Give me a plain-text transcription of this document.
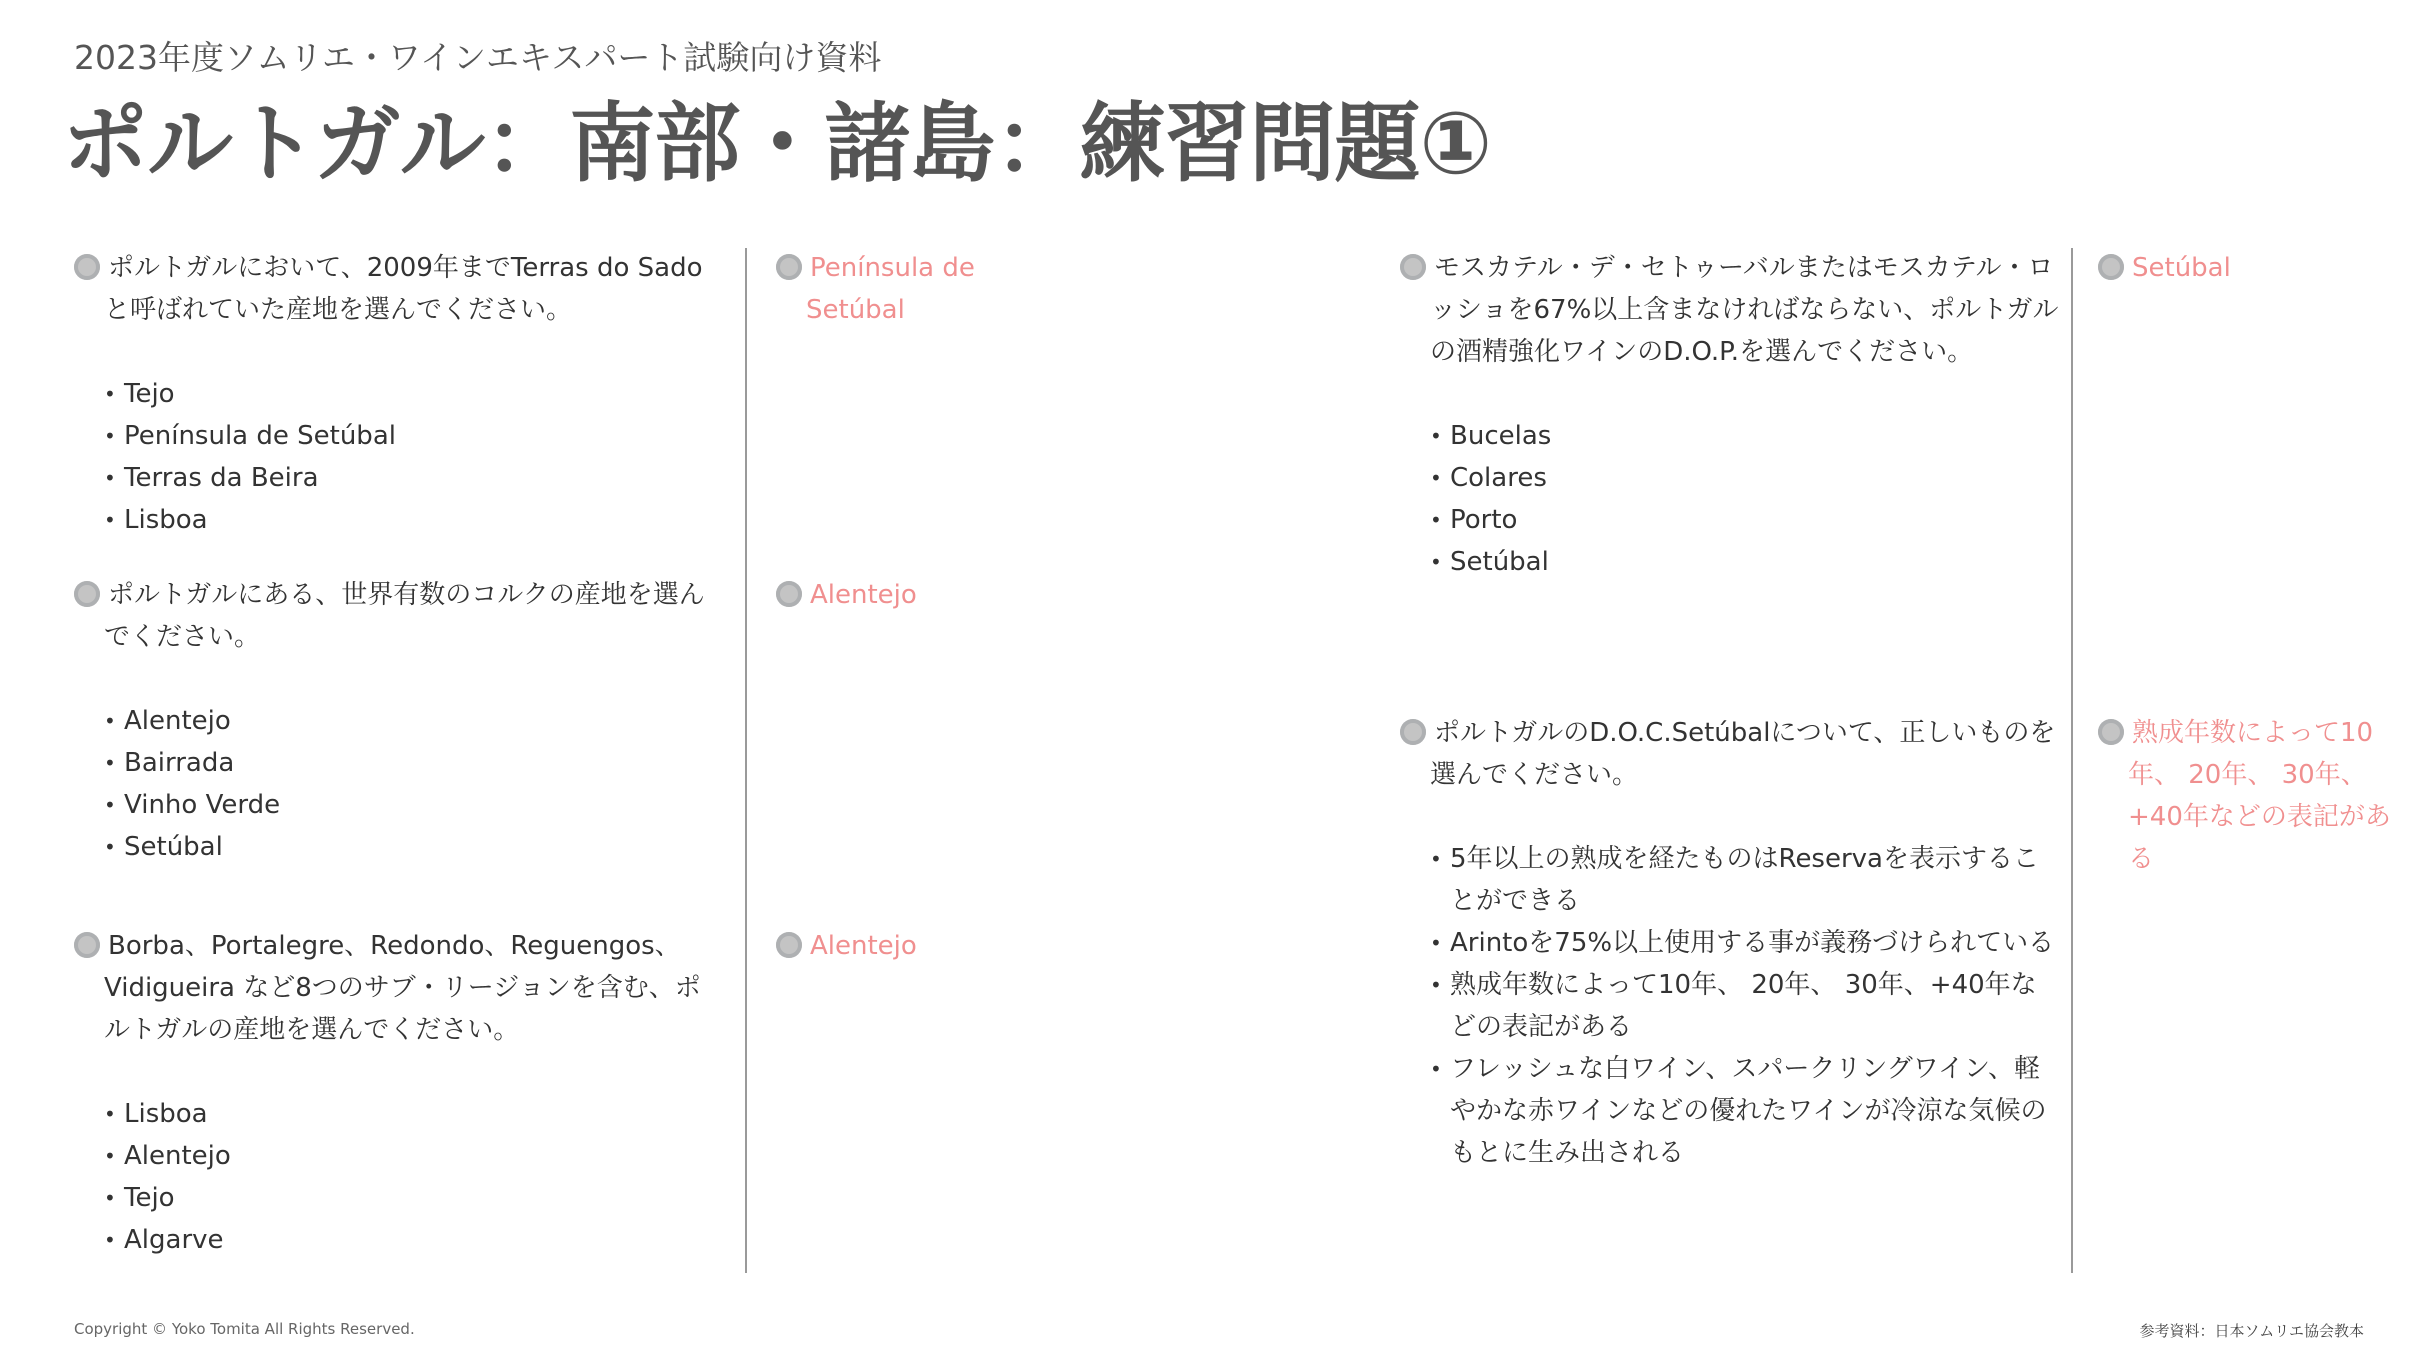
2023年度ソムリエ・ワインエキスパート試験向け資料
ポルトガル：南部・諸島：練習問題①
ポルトガルにおいて、2009年までTerras do Sadoと呼ばれていた産地を選んでください。
• Tejo
• Península de Setúbal
• Terras da Beira
• Lisboa
Península de Setúbal
ポルトガルにある、世界有数のコルクの産地を選んでください。
• Alentejo
• Bairrada
• Vinho Verde
• Setúbal
Alentejo
Borba、Portalegre、Redondo、Reguengos、Vidigueira など8つのサブ・リージョンを含む、ポルトガルの産地を選んでください。
• Lisboa
• Alentejo
• Tejo
• Algarve
Alentejo
モスカテル・デ・セトゥーバルまたはモスカテル・ロッショを67%以上含まなければならない、ポルトガルの酒精強化ワインのD.O.P.を選んでください。
• Bucelas
• Colares
• Porto
• Setúbal
Setúbal
ポルトガルのD.O.C.Setúbalについて、正しいものを選んでください。
• 5年以上の熟成を経たものはReservaを表示することができる
• Arintoを75%以上使用する事が義務づけられている
• 熟成年数によって10年、 20年、 30年、+40年などの表記がある
• フレッシュな白ワイン、スパークリングワイン、軽やかな赤ワインなどの優れたワインが冷涼な気候のもとに生み出される
熟成年数によって10年、 20年、 30年、+40年などの表記がある
Copyright © Yoko Tomita All Rights Reserved.	参考資料：日本ソムリエ協会教本
